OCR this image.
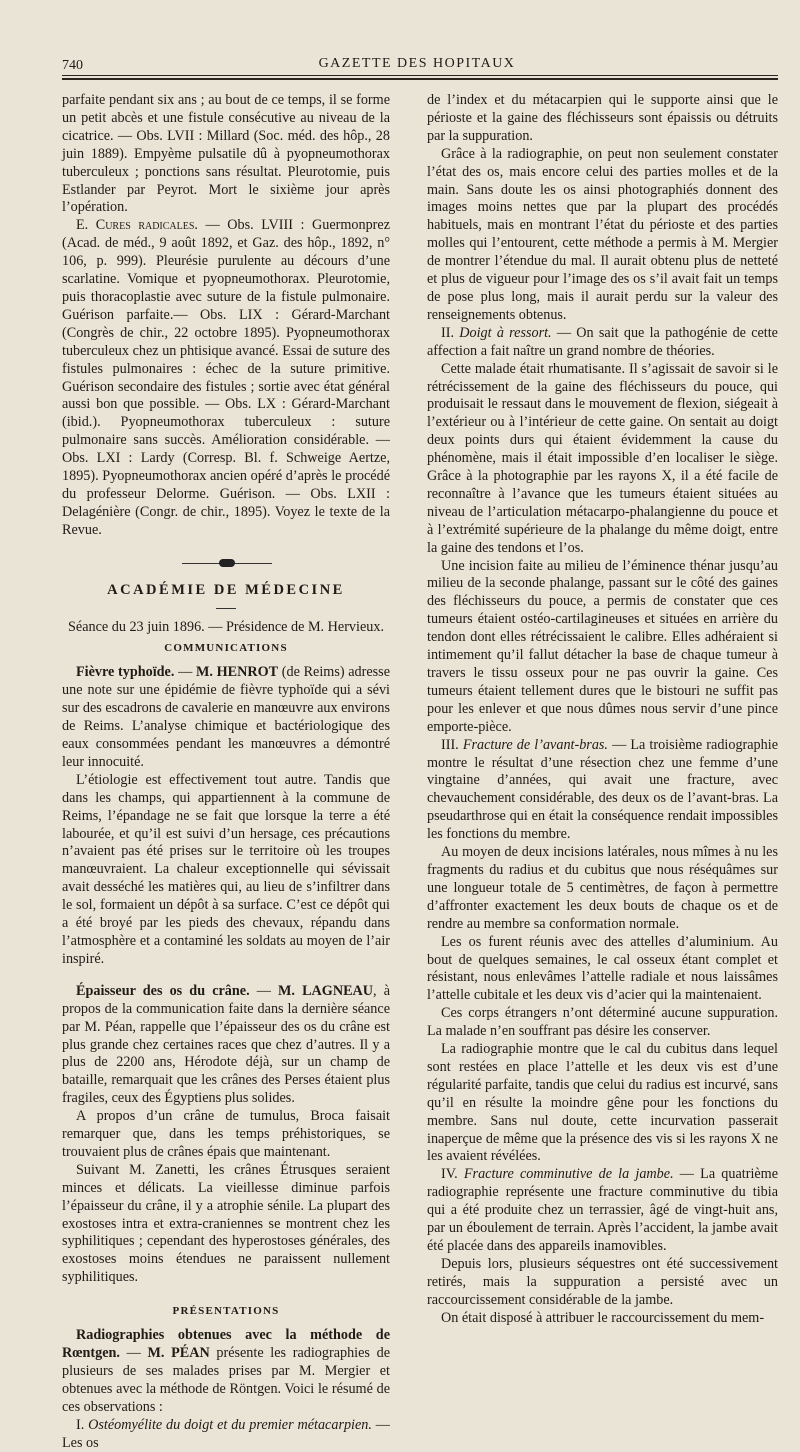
740	GAZETTE DES HOPITAUX

parfaite pendant six ans ; au bout de ce temps, il se forme un petit abcès et une fistule consécutive au niveau de la cicatrice. — Obs. LVII : Millard (Soc. méd. des hôp., 28 juin 1889). Empyème pulsatile dû à pyopneumothorax tuberculeux ; ponctions sans résultat. Pleurotomie, puis Estlander par Peyrot. Mort le sixième jour après l’opération.

E. Cures radicales. — Obs. LVIII : Guermonprez (Acad. de méd., 9 août 1892, et Gaz. des hôp., 1892, n° 106, p. 999). Pleurésie purulente au décours d’une scarlatine. Vomique et pyopneumothorax. Pleurotomie, puis thoracoplastie avec suture de la fistule pulmonaire. Guérison parfaite.— Obs. LIX : Gérard-Marchant (Congrès de chir., 22 octobre 1895). Pyopneumothorax tuberculeux chez un phtisique avancé. Essai de suture des fistules pulmonaires : échec de la suture primitive. Guérison secondaire des fistules ; sortie avec état général aussi bon que possible. — Obs. LX : Gérard-Marchant (ibid.). Pyopneumothorax tuberculeux : suture pulmonaire sans succès. Amélioration considérable. — Obs. LXI : Lardy (Corresp. Bl. f. Schweige Aertze, 1895). Pyopneumothorax ancien opéré d’après le procédé du professeur Delorme. Guérison. — Obs. LXII : Delagénière (Congr. de chir., 1895). Voyez le texte de la Revue.

ACADÉMIE DE MÉDECINE

Séance du 23 juin 1896. — Présidence de M. Hervieux.

COMMUNICATIONS

Fièvre typhoïde. — M. HENROT (de Reims) adresse une note sur une épidémie de fièvre typhoïde qui a sévi sur des escadrons de cavalerie en manœuvre aux environs de Reims. L’analyse chimique et bactériologique des eaux consommées pendant les manœuvres a démontré leur innocuité.

L’étiologie est effectivement tout autre. Tandis que dans les champs, qui appartiennent à la commune de Reims, l’épandage ne se fait que lorsque la terre a été labourée, et qu’il est suivi d’un hersage, ces précautions n’avaient pas été prises sur le territoire où les troupes manœuvraient. La chaleur exceptionnelle qui sévissait avait desséché les matières qui, au lieu de s’infiltrer dans le sol, formaient un dépôt à sa surface. C’est ce dépôt qui a été broyé par les pieds des chevaux, répandu dans l’atmosphère et a contaminé les soldats au moyen de l’air inspiré.

Épaisseur des os du crâne. — M. LAGNEAU, à propos de la communication faite dans la dernière séance par M. Péan, rappelle que l’épaisseur des os du crâne est plus grande chez certaines races que chez d’autres. Il y a plus de 2200 ans, Hérodote déjà, sur un champ de bataille, remarquait que les crânes des Perses étaient plus fragiles, ceux des Égyptiens plus solides.

A propos d’un crâne de tumulus, Broca faisait remarquer que, dans les temps préhistoriques, se trouvaient plus de crânes épais que maintenant.

Suivant M. Zanetti, les crânes Étrusques seraient minces et délicats. La vieillesse diminue parfois l’épaisseur du crâne, il y a atrophie sénile. La plupart des exostoses intra et extra-craniennes se montrent chez les syphilitiques ; cependant des hyperostoses générales, des exostoses moins étendues ne paraissent nullement syphilitiques.

PRÉSENTATIONS

Radiographies obtenues avec la méthode de Rœntgen. — M. PÉAN présente les radiographies de plusieurs de ses malades prises par M. Mergier et obtenues avec la méthode de Röntgen. Voici le résumé de ces observations :

I. Ostéomyélite du doigt et du premier métacarpien. — Les os

de l’index et du métacarpien qui le supporte ainsi que le périoste et la gaine des fléchisseurs sont épaissis ou détruits par la suppuration.

Grâce à la radiographie, on peut non seulement constater l’état des os, mais encore celui des parties molles et de la main. Sans doute les os ainsi photographiés donnent des images moins nettes que par la plupart des procédés habituels, mais en montrant l’état du périoste et des parties molles qui l’entourent, cette méthode a permis à M. Mergier de montrer l’étendue du mal. Il aurait obtenu plus de netteté et plus de vigueur pour l’image des os s’il avait fait un temps de pose plus long, mais il aurait perdu sur la valeur des renseignements obtenus.

II. Doigt à ressort. — On sait que la pathogénie de cette affection a fait naître un grand nombre de théories.

Cette malade était rhumatisante. Il s’agissait de savoir si le rétrécissement de la gaine des fléchisseurs du pouce, qui produisait le ressaut dans le mouvement de flexion, siégeait à l’extérieur ou à l’intérieur de cette gaine. On sentait au doigt deux points durs qui étaient évidemment la cause du phénomène, mais il était impossible d’en localiser le siège. Grâce à la photographie par les rayons X, il a été facile de reconnaître à l’avance que les tumeurs étaient situées au niveau de l’articulation métacarpo-phalangienne du pouce et à l’extrémité supérieure de la phalange du même doigt, entre la gaine des tendons et l’os.

Une incision faite au milieu de l’éminence thénar jusqu’au milieu de la seconde phalange, passant sur le côté des gaines des fléchisseurs du pouce, a permis de constater que ces tumeurs étaient ostéo-cartilagineuses et situées en arrière du tendon dont elles rétrécissaient le calibre. Elles adhéraient si intimement qu’il fallut détacher la base de chaque tumeur à travers le tissu osseux pour ne pas ouvrir la gaine. Ces tumeurs étaient tellement dures que le bistouri ne suffit pas pour les enlever et que nous dûmes nous servir d’une pince emporte-pièce.

III. Fracture de l’avant-bras. — La troisième radiographie montre le résultat d’une résection chez une femme d’une vingtaine d’années, qui avait une fracture, avec chevauchement considérable, des deux os de l’avant-bras. La pseudarthrose qui en était la conséquence rendait impossibles les fonctions du membre.

Au moyen de deux incisions latérales, nous mîmes à nu les fragments du radius et du cubitus que nous réséquâmes sur une longueur totale de 5 centimètres, de façon à permettre d’affronter exactement les deux bouts de chaque os et de rendre au membre sa conformation normale.

Les os furent réunis avec des attelles d’aluminium. Au bout de quelques semaines, le cal osseux étant complet et résistant, nous enlevâmes l’attelle radiale et nous laissâmes l’attelle cubitale et les deux vis d’acier qui la maintenaient.

Ces corps étrangers n’ont déterminé aucune suppuration. La malade n’en souffrant pas désire les conserver.

La radiographie montre que le cal du cubitus dans lequel sont restées en place l’attelle et les deux vis est d’une régularité parfaite, tandis que celui du radius est incurvé, sans qu’il en résulte la moindre gêne pour les fonctions du membre. Sans nul doute, cette incurvation passerait inaperçue de même que la présence des vis si les rayons X ne les avaient révélées.

IV. Fracture comminutive de la jambe. — La quatrième radiographie représente une fracture comminutive du tibia qui a été produite chez un terrassier, âgé de vingt-huit ans, par un éboulement de terrain. Après l’accident, la jambe avait été placée dans des appareils inamovibles.

Depuis lors, plusieurs séquestres ont été successivement retirés, mais la suppuration a persisté avec un raccourcissement considérable de la jambe.

On était disposé à attribuer le raccourcissement du mem-
